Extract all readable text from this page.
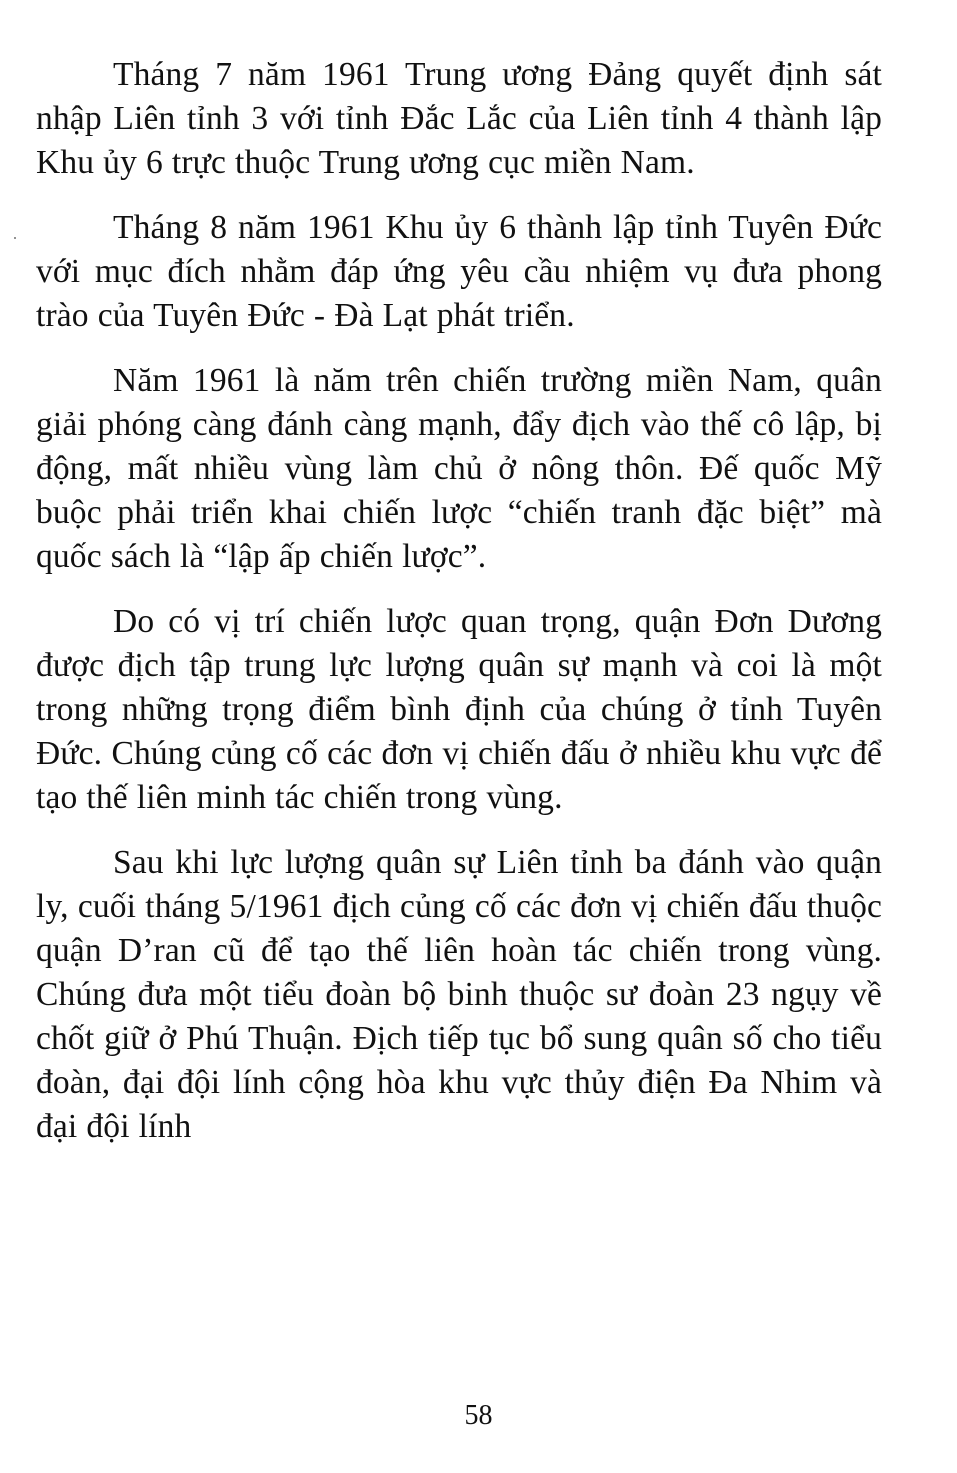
Tháng 7 năm 1961 Trung ương Đảng quyết định sát nhập Liên tỉnh 3 với tỉnh Đắc Lắc của Liên tỉnh 4 thành lập Khu ủy 6 trực thuộc Trung ương cục miền Nam.

Tháng 8 năm 1961 Khu ủy 6 thành lập tỉnh Tuyên Đức với mục đích nhằm đáp ứng yêu cầu nhiệm vụ đưa phong trào của Tuyên Đức - Đà Lạt phát triển.

Năm 1961 là năm trên chiến trường miền Nam, quân giải phóng càng đánh càng mạnh, đẩy địch vào thế cô lập, bị động, mất nhiều vùng làm chủ ở nông thôn. Đế quốc Mỹ buộc phải triển khai chiến lược “chiến tranh đặc biệt” mà quốc sách là “lập ấp chiến lược”.

Do có vị trí chiến lược quan trọng, quận Đơn Dương được địch tập trung lực lượng quân sự mạnh và coi là một trong những trọng điểm bình định của chúng ở tỉnh Tuyên Đức. Chúng củng cố các đơn vị chiến đấu ở nhiều khu vực để tạo thế liên minh tác chiến trong vùng.

Sau khi lực lượng quân sự Liên tỉnh ba đánh vào quận ly, cuối tháng 5/1961 địch củng cố các đơn vị chiến đấu thuộc quận D’ran cũ để tạo thế liên hoàn tác chiến trong vùng. Chúng đưa một tiểu đoàn bộ binh thuộc sư đoàn 23 ngụy về chốt giữ ở Phú Thuận. Địch tiếp tục bổ sung quân số cho tiểu đoàn, đại đội lính cộng hòa khu vực thủy điện Đa Nhim và đại đội lính

58
